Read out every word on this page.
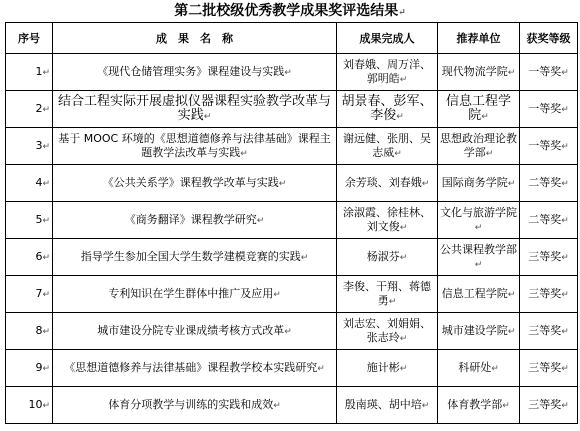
第二批校级优秀教学成果奖评选结果↵
序号	成　果　名　称	成果完成人	推荐单位	获奖等级
1↵	《现代仓储管理实务》课程建设与实践↵	刘春娥、周万洋、郭明皓↵	现代物流学院↵	一等奖↵
2↵	结合工程实际开展虚拟仪器课程实验教学改革与实践↵	胡景春、彭军、李俊↵	信息工程学院↵	一等奖↵
3↵	基于 MOOC 环境的《思想道德修养与法律基础》课程主题教学法改革与实践↵	谢远健、张朋、吴志威↵	思想政治理论教学部↵	一等奖↵
4↵	《公共关系学》课程教学改革与实践↵	余芳琰、刘春娥↵	国际商务学院↵	二等奖↵
5↵	《商务翻译》课程教学研究↵	涂淑霞、徐桂林、刘文俊↵	文化与旅游学院↵	二等奖↵
6↵	指导学生参加全国大学生数学建模竞赛的实践↵	杨淑芬↵	公共课程教学部↵	三等奖↵
7↵	专利知识在学生群体中推广及应用↵	李俊、干翔、蒋德勇↵	信息工程学院↵	三等奖↵
8↵	城市建设分院专业课成绩考核方式改革↵	刘志宏、刘娟娟、张志玲↵	城市建设学院↵	三等奖↵
9↵	《思想道德修养与法律基础》课程教学校本实践研究↵	施计彬↵	科研处↵	三等奖↵
10↵	体育分项教学与训练的实践和成效↵	殷南瑛、胡中培↵	体育教学部↵	三等奖↵
